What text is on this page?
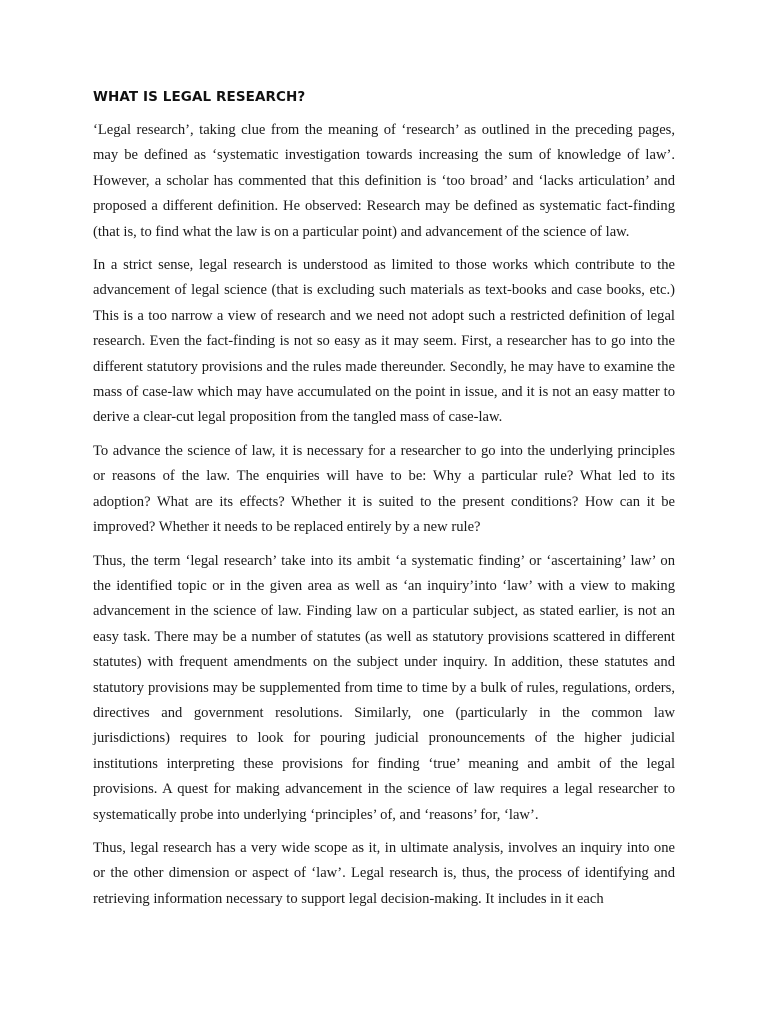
WHAT IS LEGAL RESEARCH?

‘Legal research’, taking clue from the meaning of ‘research’ as outlined in the preceding pages, may be defined as ‘systematic investigation towards increasing the sum of knowledge of law’. However, a scholar has commented that this definition is ‘too broad’ and ‘lacks articulation’ and proposed a different definition. He observed: Research may be defined as systematic fact-finding (that is, to find what the law is on a particular point) and advancement of the science of law.

In a strict sense, legal research is understood as limited to those works which contribute to the advancement of legal science (that is excluding such materials as text-books and case books, etc.) This is a too narrow a view of research and we need not adopt such a restricted definition of legal research. Even the fact-finding is not so easy as it may seem. First, a researcher has to go into the different statutory provisions and the rules made thereunder. Secondly, he may have to examine the mass of case-law which may have accumulated on the point in issue, and it is not an easy matter to derive a clear-cut legal proposition from the tangled mass of case-law.

To advance the science of law, it is necessary for a researcher to go into the underlying principles or reasons of the law. The enquiries will have to be: Why a particular rule? What led to its adoption? What are its effects? Whether it is suited to the present conditions? How can it be improved? Whether it needs to be replaced entirely by a new rule?

Thus, the term ‘legal research’ take into its ambit ‘a systematic finding’ or ‘ascertaining’ law’ on the identified topic or in the given area as well as ‘an inquiry’into ‘law’ with a view to making advancement in the science of law. Finding law on a particular subject, as stated earlier, is not an easy task. There may be a number of statutes (as well as statutory provisions scattered in different statutes) with frequent amendments on the subject under inquiry. In addition, these statutes and statutory provisions may be supplemented from time to time by a bulk of rules, regulations, orders, directives and government resolutions. Similarly, one (particularly in the common law jurisdictions) requires to look for pouring judicial pronouncements of the higher judicial institutions interpreting these provisions for finding ‘true’ meaning and ambit of the legal provisions. A quest for making advancement in the science of law requires a legal researcher to systematically probe into underlying ‘principles’ of, and ‘reasons’ for, ‘law’.

Thus, legal research has a very wide scope as it, in ultimate analysis, involves an inquiry into one or the other dimension or aspect of ‘law’. Legal research is, thus, the process of identifying and retrieving information necessary to support legal decision-making. It includes in it each
